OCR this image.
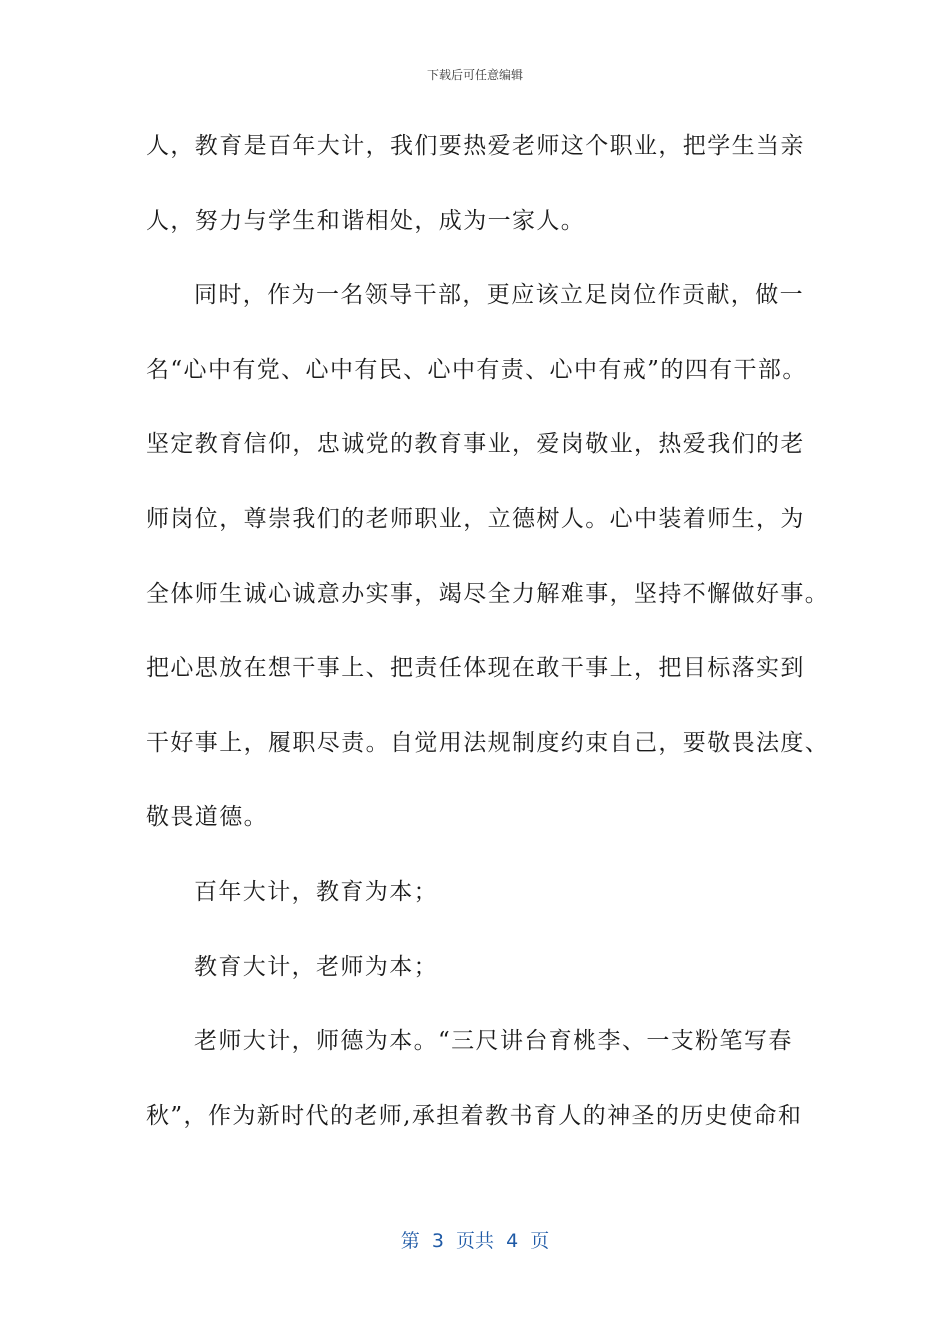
下载后可任意编辑
人，教育是百年大计，我们要热爱老师这个职业，把学生当亲
人，努力与学生和谐相处，成为一家人。
同时，作为一名领导干部，更应该立足岗位作贡献，做一
名“心中有党、心中有民、心中有责、心中有戒”的四有干部。
坚定教育信仰，忠诚党的教育事业，爱岗敬业，热爱我们的老
师岗位，尊崇我们的老师职业，立德树人。心中装着师生，为
全体师生诚心诚意办实事，竭尽全力解难事，坚持不懈做好事。
把心思放在想干事上、把责任体现在敢干事上，把目标落实到
干好事上，履职尽责。自觉用法规制度约束自己，要敬畏法度、
敬畏道德。
百年大计，教育为本；
教育大计，老师为本；
老师大计，师德为本。“三尺讲台育桃李、一支粉笔写春
秋”，作为新时代的老师,承担着教书育人的神圣的历史使命和
第  3  页共  4  页
